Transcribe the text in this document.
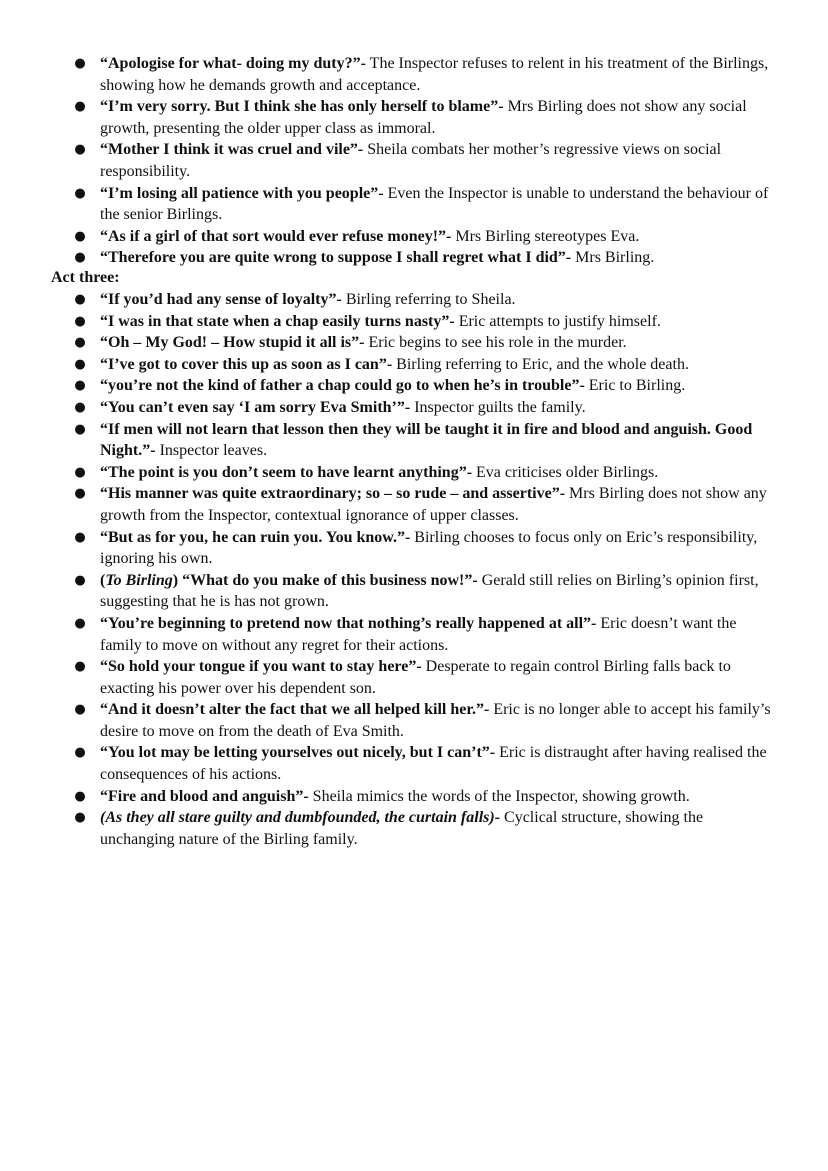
● “Apologise for what- doing my duty?”- The Inspector refuses to relent in his treatment of the Birlings, showing how he demands growth and acceptance.
● “I’m very sorry. But I think she has only herself to blame”- Mrs Birling does not show any social growth, presenting the older upper class as immoral.
● “Mother I think it was cruel and vile”- Sheila combats her mother’s regressive views on social responsibility.
● “I’m losing all patience with you people”- Even the Inspector is unable to understand the behaviour of the senior Birlings.
● “As if a girl of that sort would ever refuse money!”- Mrs Birling stereotypes Eva.
● “Therefore you are quite wrong to suppose I shall regret what I did”- Mrs Birling.
Act three:
● “If you’d had any sense of loyalty”- Birling referring to Sheila.
● “I was in that state when a chap easily turns nasty”- Eric attempts to justify himself.
● “Oh – My God! – How stupid it all is”- Eric begins to see his role in the murder.
● “I’ve got to cover this up as soon as I can”- Birling referring to Eric, and the whole death.
● “you’re not the kind of father a chap could go to when he’s in trouble”- Eric to Birling.
● “You can’t even say ‘I am sorry Eva Smith’”- Inspector guilts the family.
● “If men will not learn that lesson then they will be taught it in fire and blood and anguish. Good Night.”- Inspector leaves.
● “The point is you don’t seem to have learnt anything”- Eva criticises older Birlings.
● “His manner was quite extraordinary; so – so rude – and assertive”- Mrs Birling does not show any growth from the Inspector, contextual ignorance of upper classes.
● “But as for you, he can ruin you. You know.”- Birling chooses to focus only on Eric’s responsibility, ignoring his own.
● (To Birling) “What do you make of this business now!”- Gerald still relies on Birling’s opinion first, suggesting that he is has not grown.
● “You’re beginning to pretend now that nothing’s really happened at all”- Eric doesn’t want the family to move on without any regret for their actions.
● “So hold your tongue if you want to stay here”- Desperate to regain control Birling falls back to exacting his power over his dependent son.
● “And it doesn’t alter the fact that we all helped kill her.”- Eric is no longer able to accept his family’s desire to move on from the death of Eva Smith.
● “You lot may be letting yourselves out nicely, but I can’t”- Eric is distraught after having realised the consequences of his actions.
● “Fire and blood and anguish”- Sheila mimics the words of the Inspector, showing growth.
● (As they all stare guilty and dumbfounded, the curtain falls)- Cyclical structure, showing the unchanging nature of the Birling family.
